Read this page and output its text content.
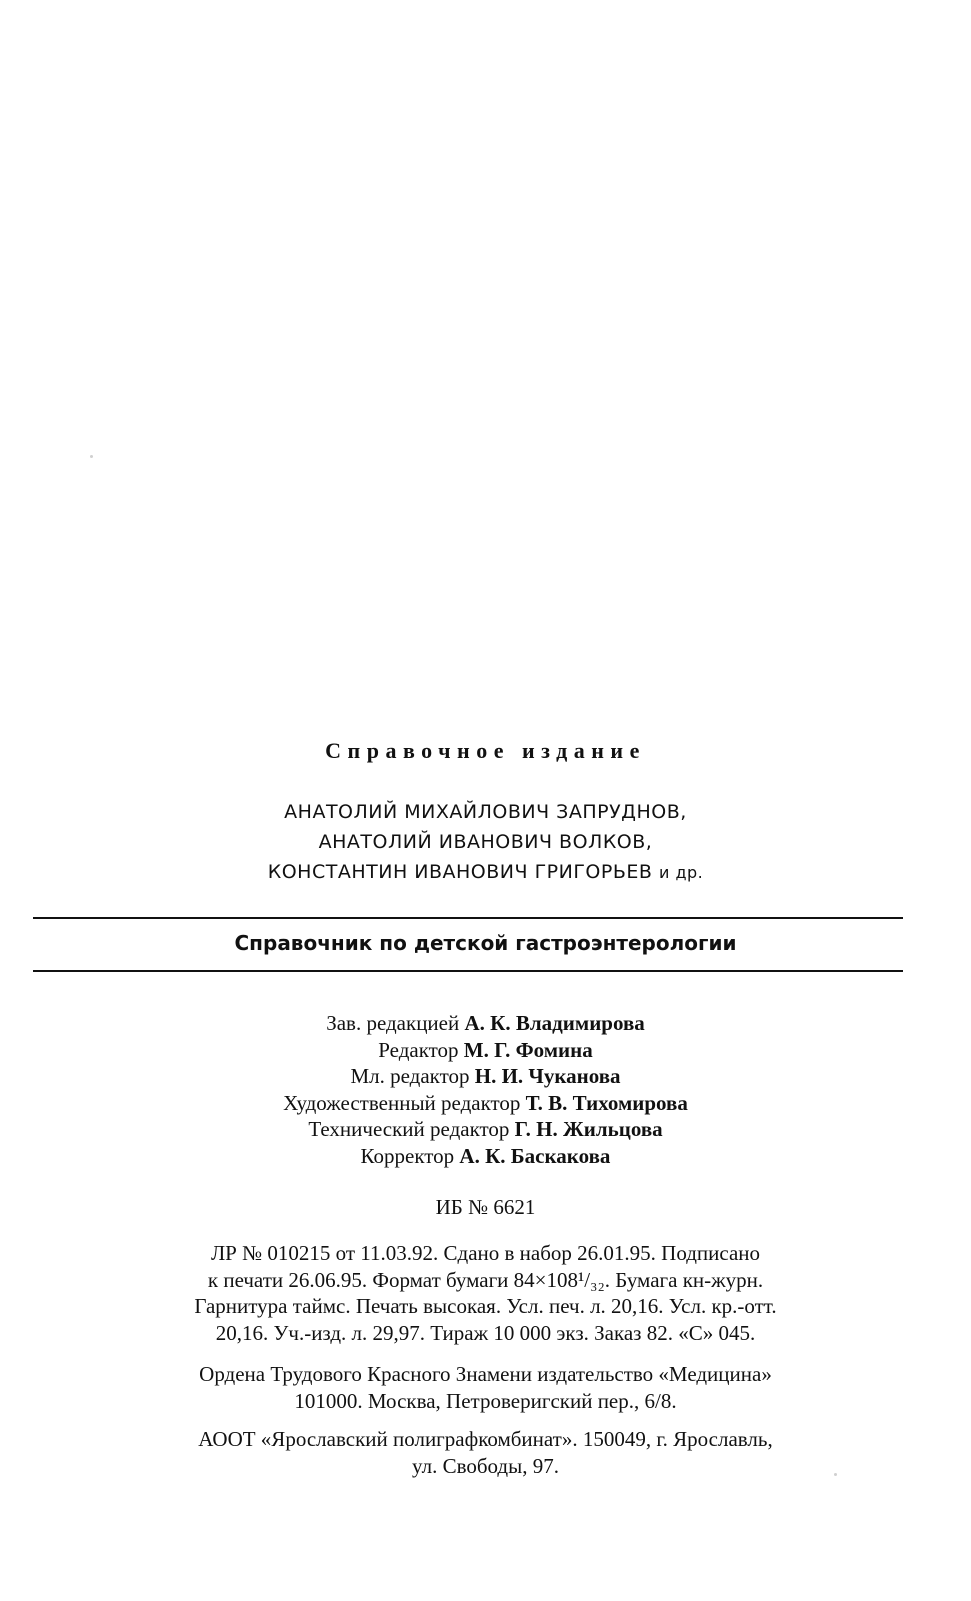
Справочное издание
АНАТОЛИЙ МИХАЙЛОВИЧ ЗАПРУДНОВ,
АНАТОЛИЙ ИВАНОВИЧ ВОЛКОВ,
КОНСТАНТИН ИВАНОВИЧ ГРИГОРЬЕВ и др.
Справочник по детской гастроэнтерологии
Зав. редакцией А. К. Владимирова
Редактор М. Г. Фомина
Мл. редактор Н. И. Чуканова
Художественный редактор Т. В. Тихомирова
Технический редактор Г. Н. Жильцова
Корректор А. К. Баскакова
ИБ № 6621
ЛР № 010215 от 11.03.92. Сдано в набор 26.01.95. Подписано
к печати 26.06.95. Формат бумаги 84×108¹/₃₂. Бумага кн-журн.
Гарнитура таймс. Печать высокая. Усл. печ. л. 20,16. Усл. кр.-отт.
20,16. Уч.-изд. л. 29,97. Тираж 10 000 экз. Заказ 82. «С» 045.
Ордена Трудового Красного Знамени издательство «Медицина»
101000. Москва, Петроверигский пер., 6/8.
АООТ «Ярославский полиграфкомбинат». 150049, г. Ярославль,
ул. Свободы, 97.
